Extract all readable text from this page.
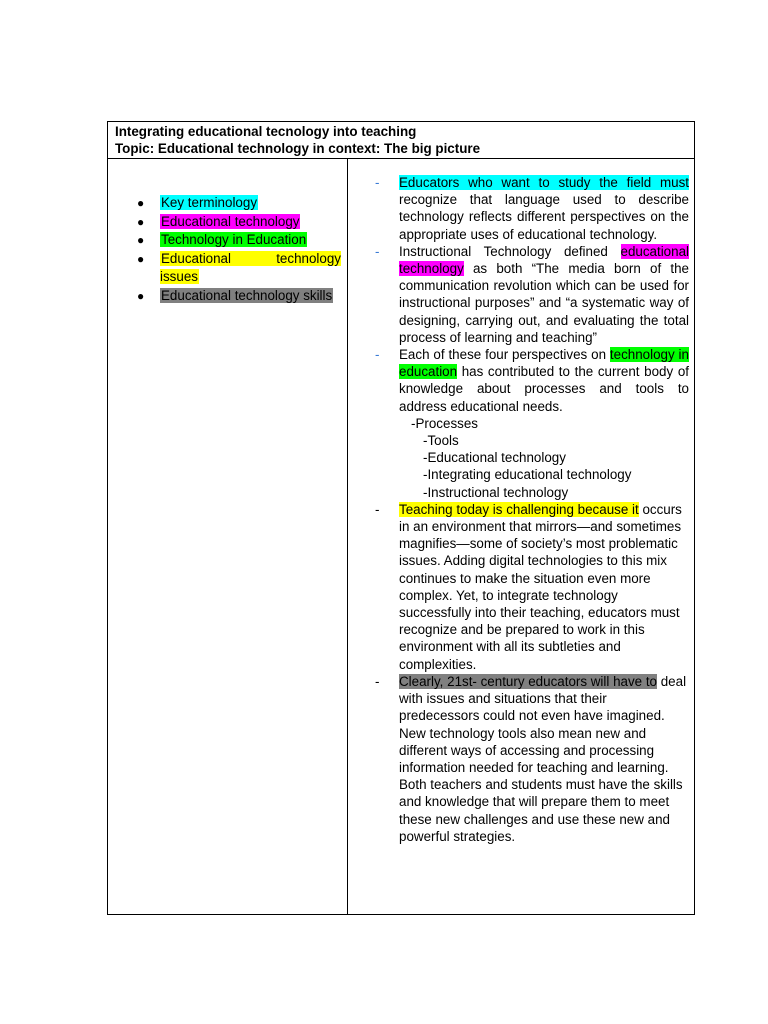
Integrating educational tecnology into teaching
Topic: Educational technology in context: The big picture
● Key terminology
● Educational technology
● Technology in Education
● Educational technology issues
● Educational technology skills
- Educators who want to study the field must recognize that language used to describe technology reflects different perspectives on the appropriate uses of educational technology.
- Instructional Technology defined educational technology as both “The media born of the communication revolution which can be used for instructional purposes” and “a systematic way of designing, carrying out, and evaluating the total process of learning and teaching”
- Each of these four perspectives on technology in education has contributed to the current body of knowledge about processes and tools to address educational needs.
-Processes
-Tools
-Educational technology
-Integrating educational technology
-Instructional technology
- Teaching today is challenging because it occurs in an environment that mirrors—and sometimes magnifies—some of society’s most problematic issues. Adding digital technologies to this mix continues to make the situation even more complex. Yet, to integrate technology successfully into their teaching, educators must recognize and be prepared to work in this environment with all its subtleties and complexities.
- Clearly, 21st- century educators will have to deal with issues and situations that their predecessors could not even have imagined. New technology tools also mean new and different ways of accessing and processing information needed for teaching and learning. Both teachers and students must have the skills and knowledge that will prepare them to meet these new challenges and use these new and powerful strategies.
